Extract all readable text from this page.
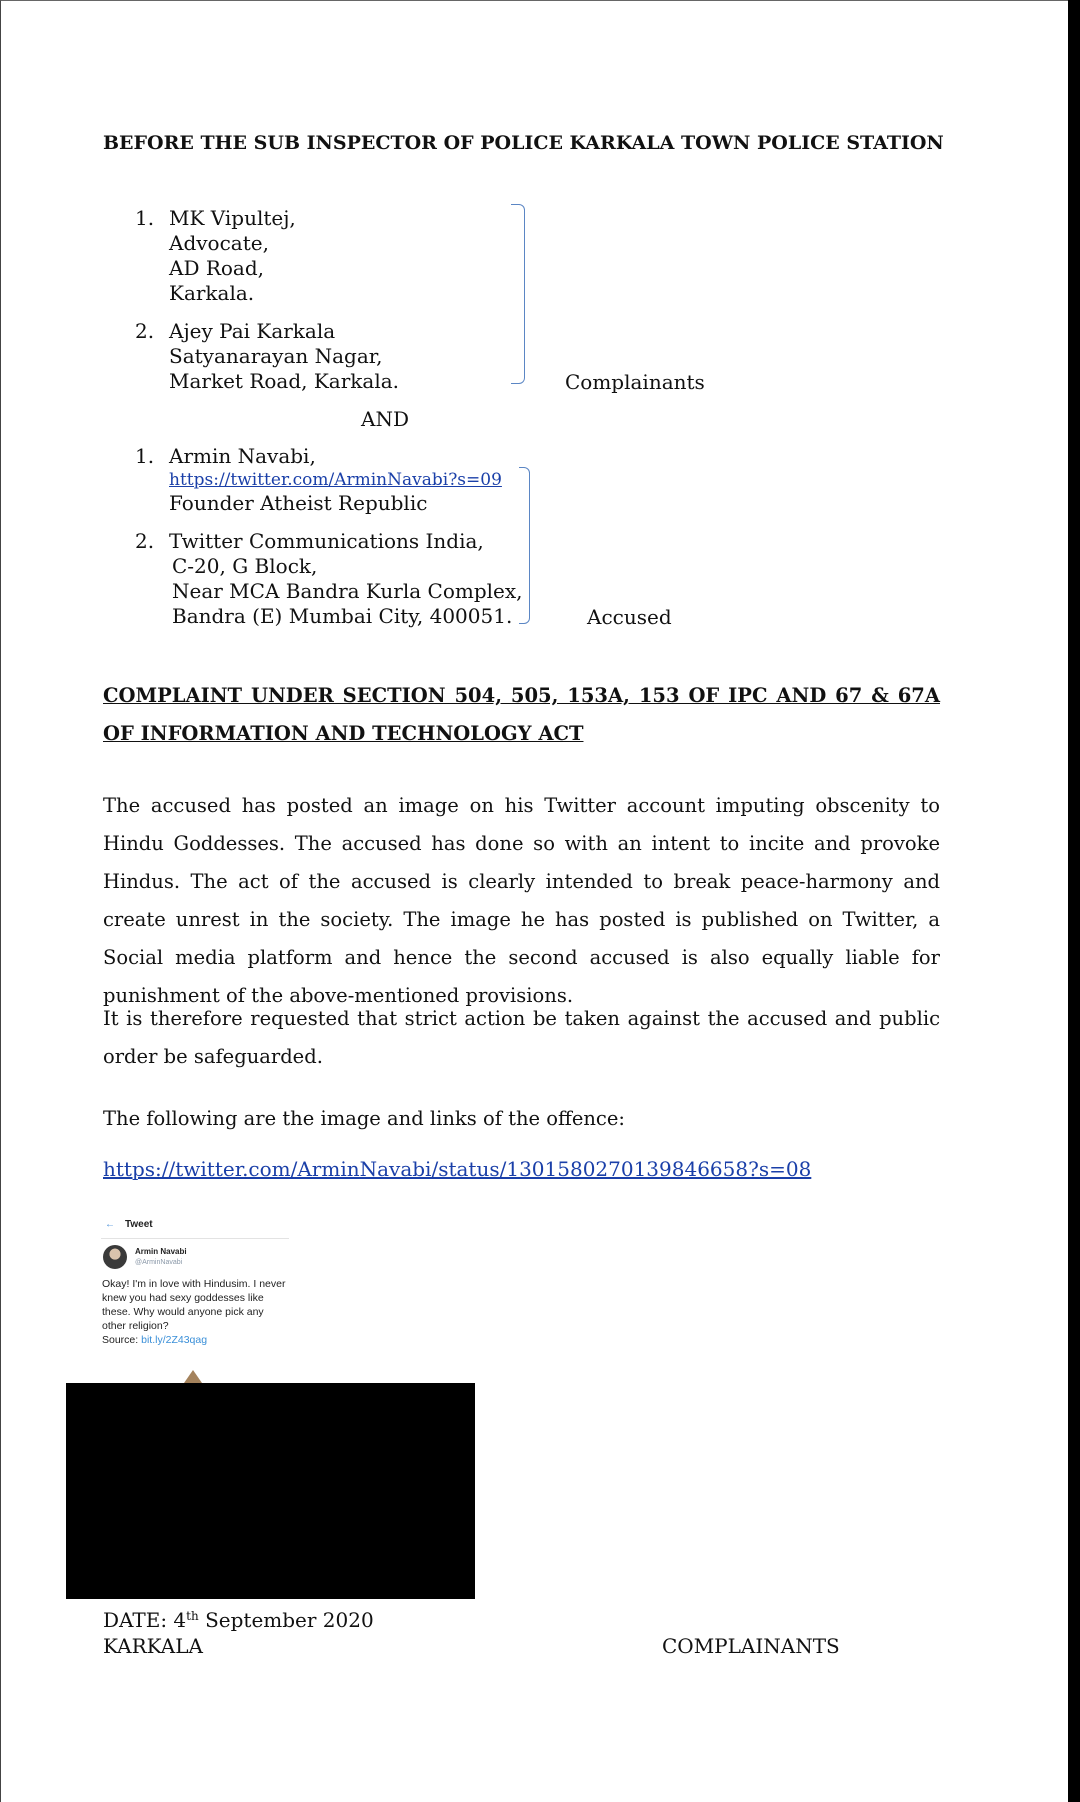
BEFORE THE SUB INSPECTOR OF POLICE KARKALA TOWN POLICE STATION
1. MK Vipultej,
Advocate,
AD Road,
Karkala.
2. Ajey Pai Karkala
Satyanarayan Nagar,
Market Road, Karkala.	Complainants
AND
1. Armin Navabi,
https://twitter.com/ArminNavabi?s=09
Founder Atheist Republic
2. Twitter Communications India,
C-20, G Block,
Near MCA Bandra Kurla Complex,
Bandra (E) Mumbai City, 400051.	Accused
COMPLAINT UNDER SECTION 504, 505, 153A, 153 OF IPC AND 67 & 67A OF INFORMATION AND TECHNOLOGY ACT

The accused has posted an image on his Twitter account imputing obscenity to Hindu Goddesses. The accused has done so with an intent to incite and provoke Hindus. The act of the accused is clearly intended to break peace-harmony and create unrest in the society. The image he has posted is published on Twitter, a Social media platform and hence the second accused is also equally liable for punishment of the above-mentioned provisions.

It is therefore requested that strict action be taken against the accused and public order be safeguarded.

The following are the image and links of the offence:

https://twitter.com/ArminNavabi/status/1301580270139846658?s=08
← Tweet
Armin Navabi
@ArminNavabi
Okay! I'm in love with Hindusim. I never knew you had sexy goddesses like these. Why would anyone pick any other religion?
Source: bit.ly/2Z43qag
DATE: 4th September 2020
KARKALA	COMPLAINANTS
